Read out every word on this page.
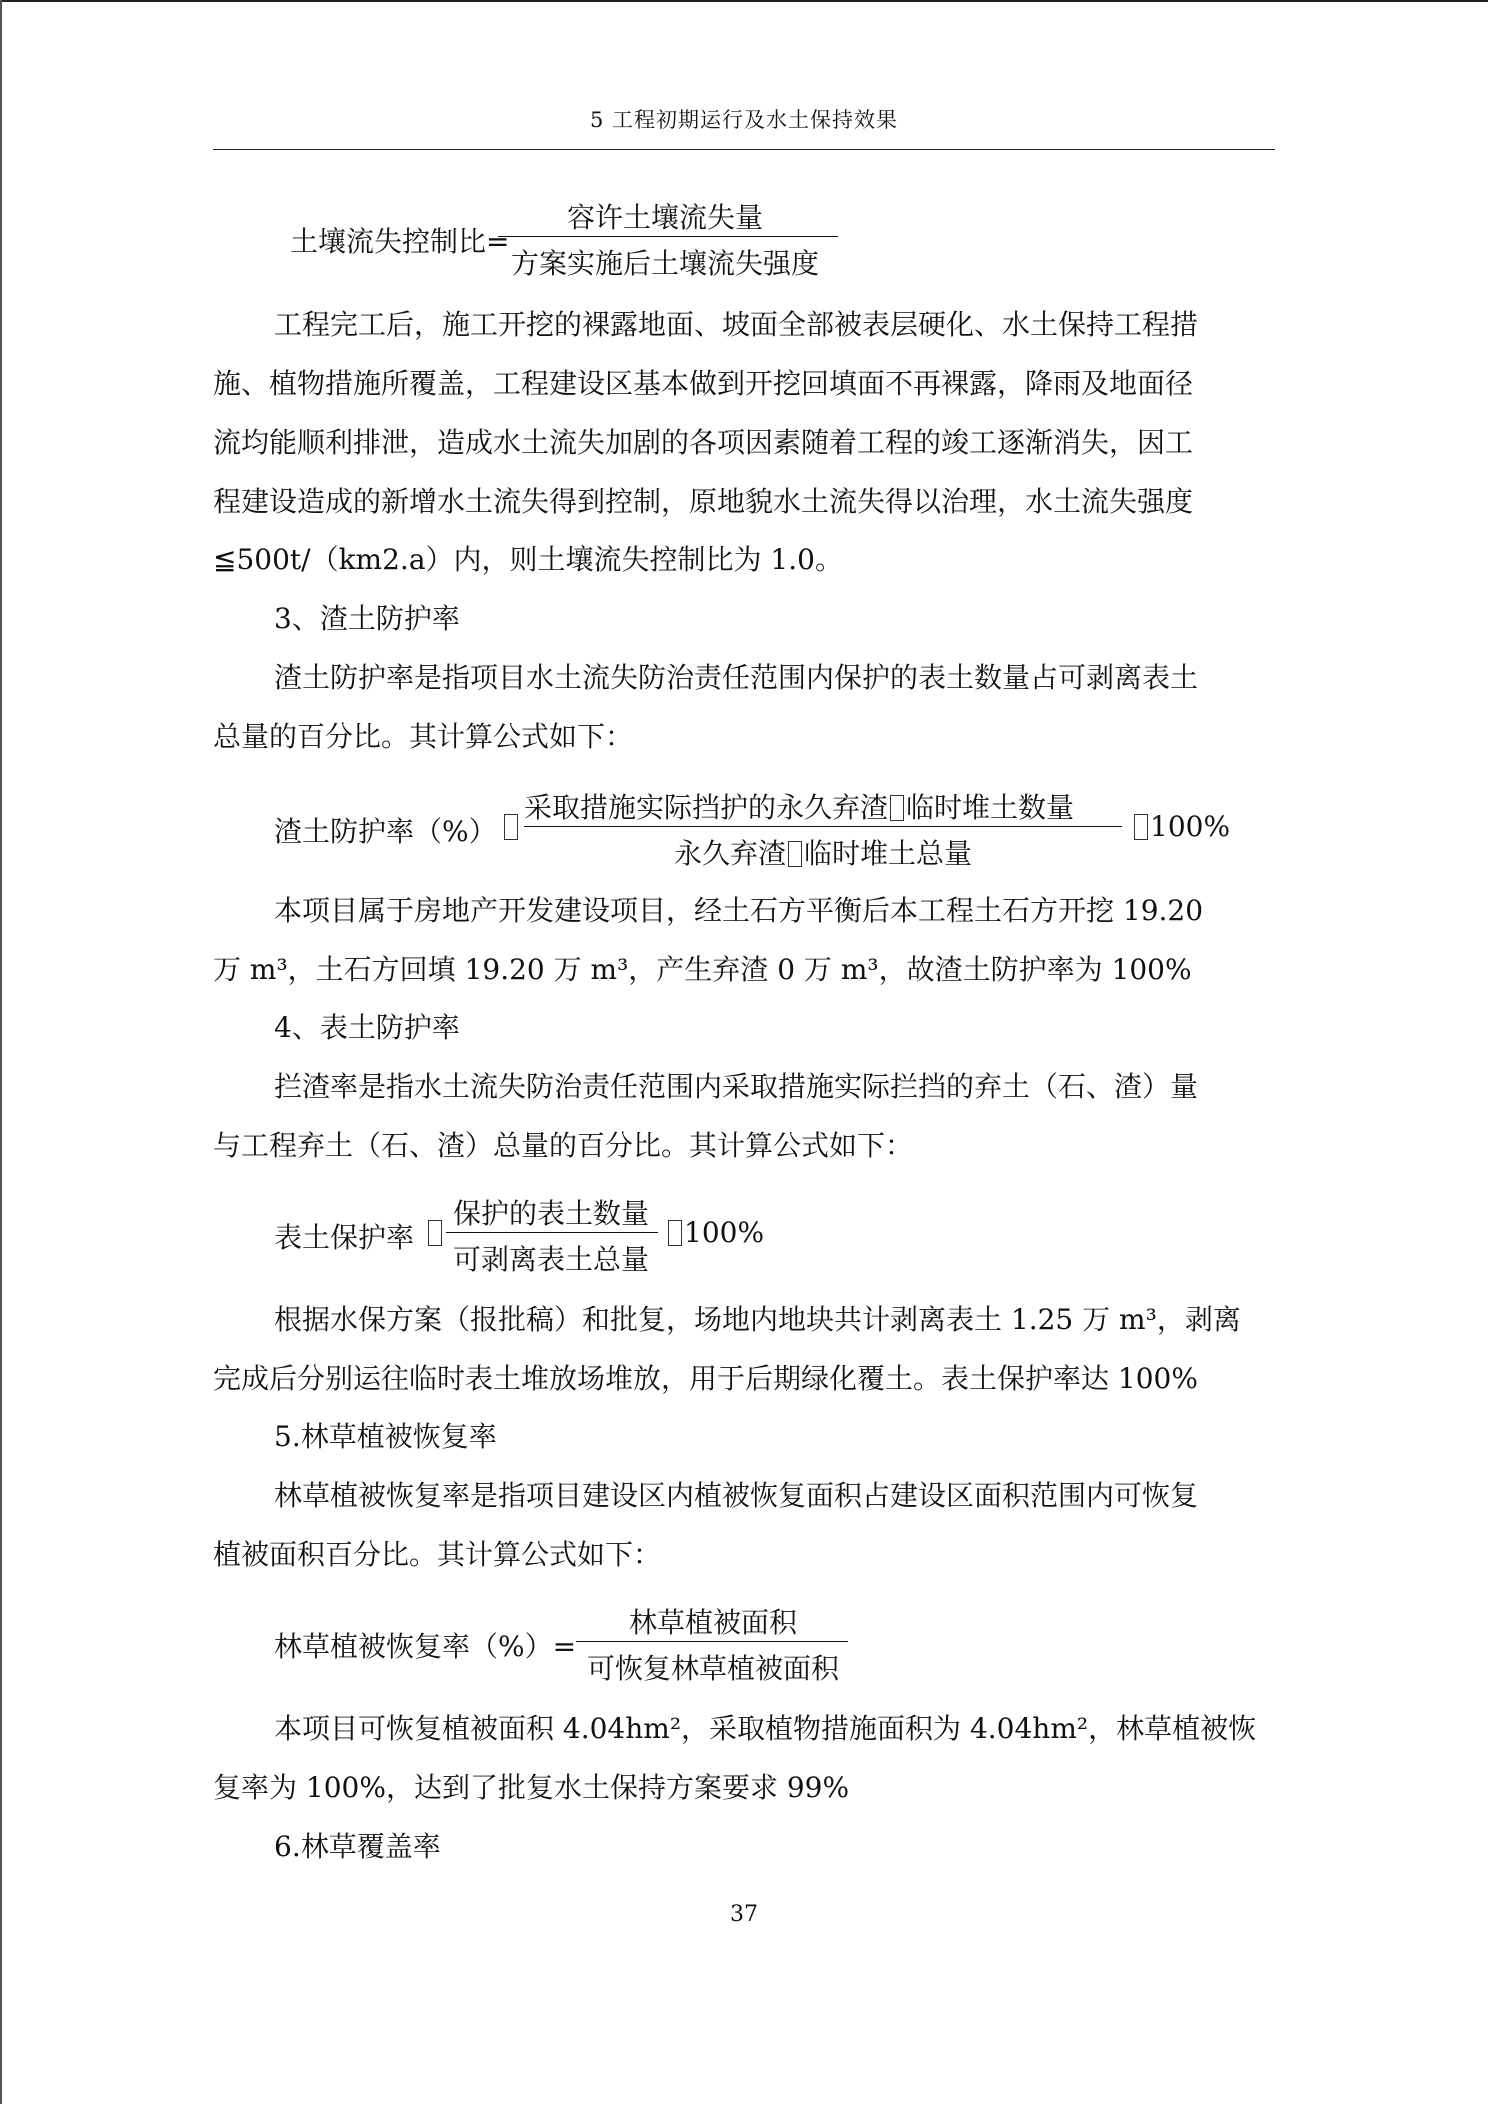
5 工程初期运行及水土保持效果
土壤流失控制比=
容许土壤流失量
方案实施后土壤流失强度
工程完工后，施工开挖的裸露地面、坡面全部被表层硬化、水土保持工程措
施、植物措施所覆盖，工程建设区基本做到开挖回填面不再裸露，降雨及地面径
流均能顺利排泄，造成水土流失加剧的各项因素随着工程的竣工逐渐消失，因工
程建设造成的新增水土流失得到控制，原地貌水土流失得以治理，水土流失强度
≦500t/（km2.a）内，则土壤流失控制比为 1.0。
3、渣土防护率
渣土防护率是指项目水土流失防治责任范围内保护的表土数量占可剥离表土
总量的百分比。其计算公式如下：
渣土防护率（%）
采取措施实际挡护的永久弃渣 临时堆土数量
永久弃渣 临时堆土总量
100%
本项目属于房地产开发建设项目，经土石方平衡后本工程土石方开挖 19.20
万 m³，土石方回填 19.20 万 m³，产生弃渣 0 万 m³，故渣土防护率为 100%
4、表土防护率
拦渣率是指水土流失防治责任范围内采取措施实际拦挡的弃土（石、渣）量
与工程弃土（石、渣）总量的百分比。其计算公式如下：
表土保护率
保护的表土数量
可剥离表土总量
100%
根据水保方案（报批稿）和批复，场地内地块共计剥离表土 1.25 万 m³，剥离
完成后分别运往临时表土堆放场堆放，用于后期绿化覆土。表土保护率达 100%
5.林草植被恢复率
林草植被恢复率是指项目建设区内植被恢复面积占建设区面积范围内可恢复
植被面积百分比。其计算公式如下：
林草植被恢复率（%）=
林草植被面积
可恢复林草植被面积
本项目可恢复植被面积 4.04hm²，采取植物措施面积为 4.04hm²，林草植被恢
复率为 100%，达到了批复水土保持方案要求 99%
6.林草覆盖率
37
